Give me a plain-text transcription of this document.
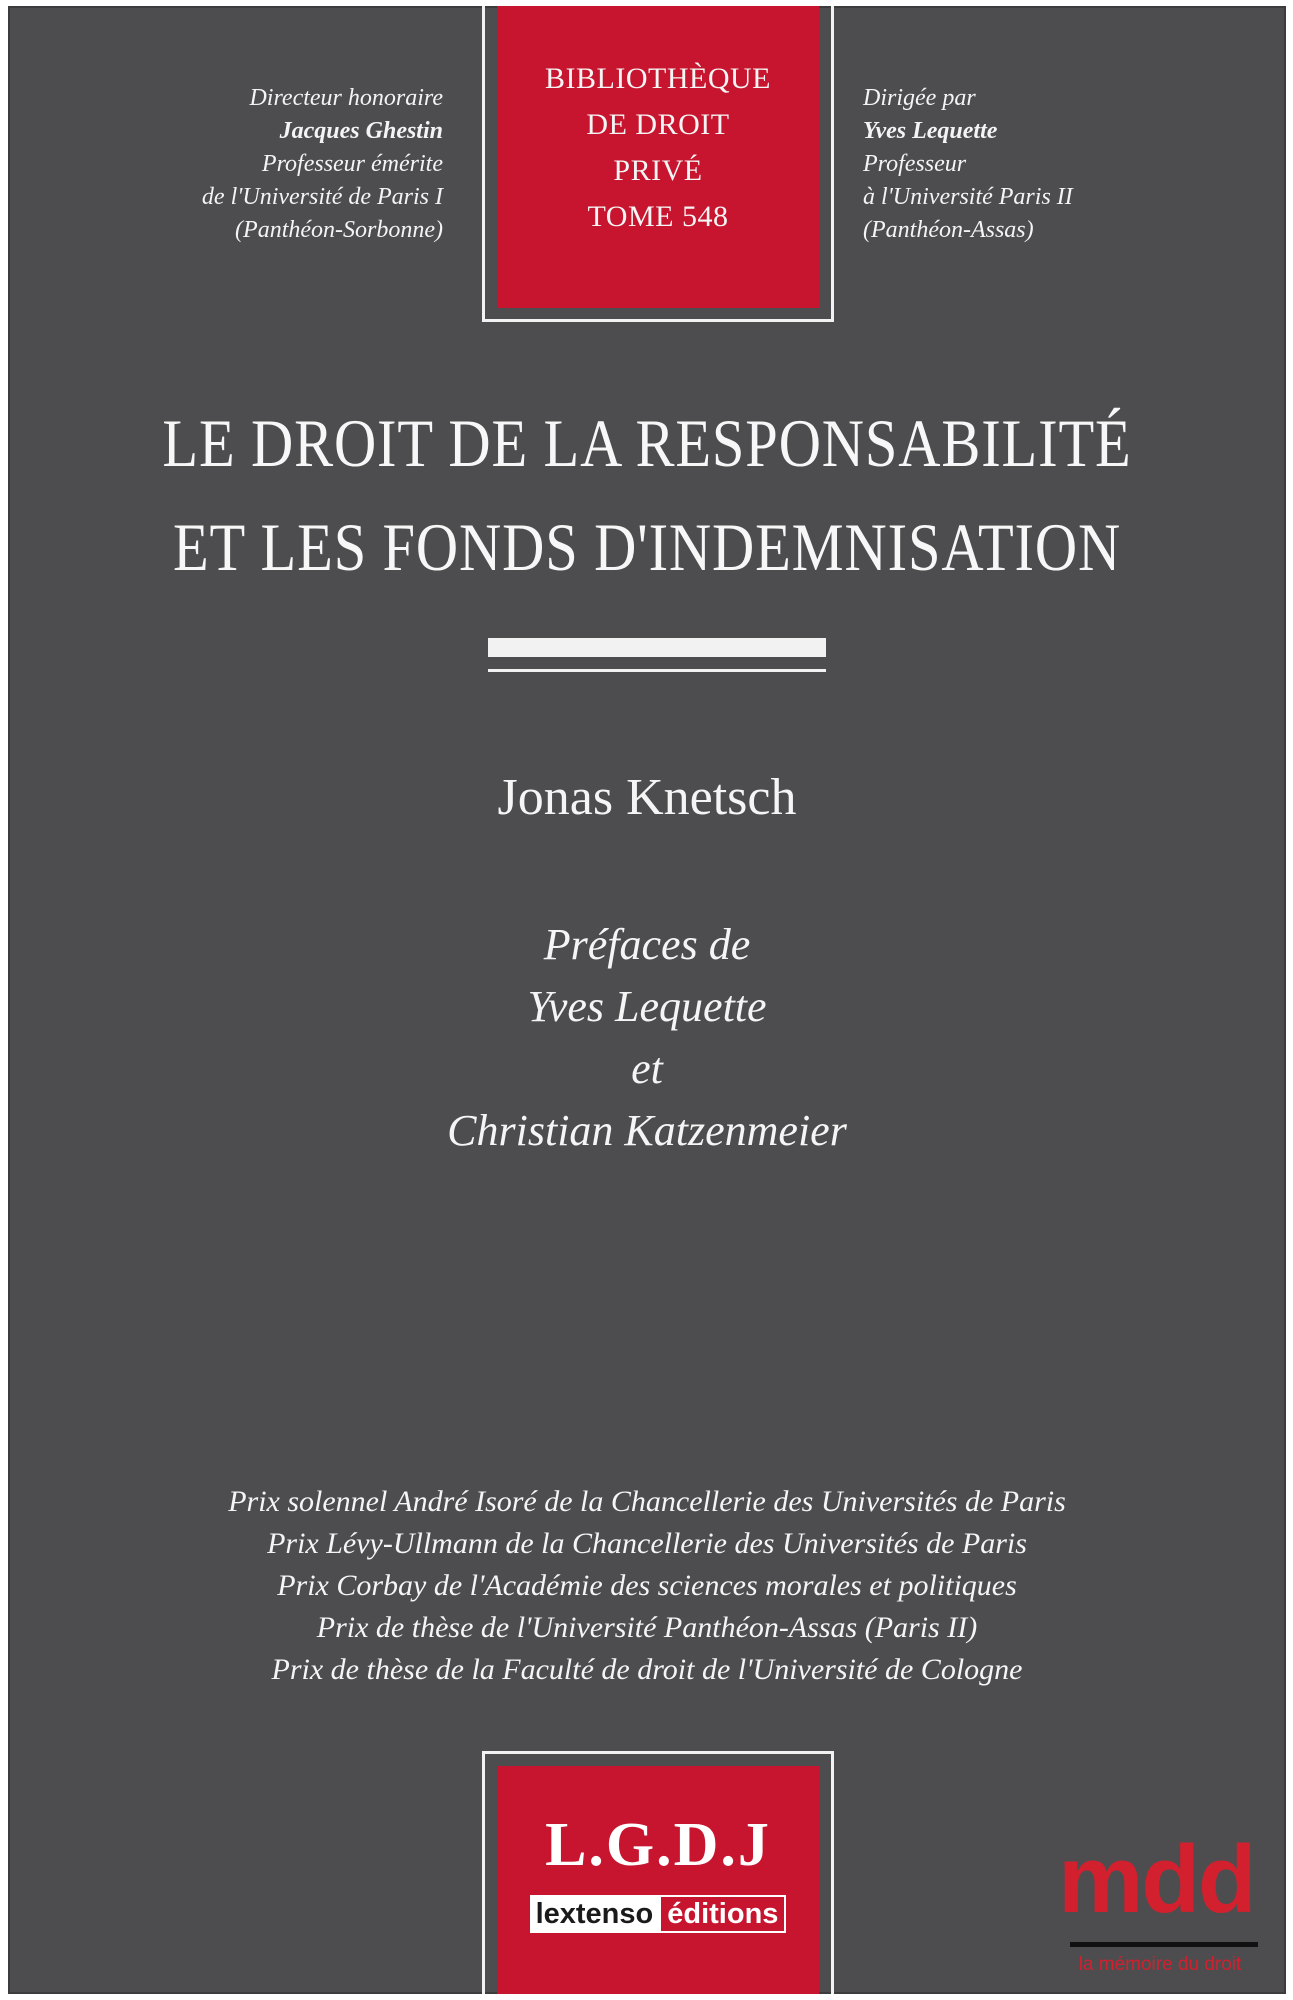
Directeur honoraire
Jacques Ghestin
Professeur émérite
de l'Université de Paris I
(Panthéon-Sorbonne)
BIBLIOTHÈQUE
DE DROIT
PRIVÉ
TOME 548
Dirigée par
Yves Lequette
Professeur
à l'Université Paris II
(Panthéon-Assas)
LE DROIT DE LA RESPONSABILITÉ
ET LES FONDS D'INDEMNISATION
Jonas Knetsch
Préfaces de
Yves Lequette
et
Christian Katzenmeier
Prix solennel André Isoré de la Chancellerie des Universités de Paris
Prix Lévy-Ullmann de la Chancellerie des Universités de Paris
Prix Corbay de l'Académie des sciences morales et politiques
Prix de thèse de l'Université Panthéon-Assas (Paris II)
Prix de thèse de la Faculté de droit de l'Université de Cologne
L.G.D.J
lextenso éditions	mdd
la mémoire du droit
